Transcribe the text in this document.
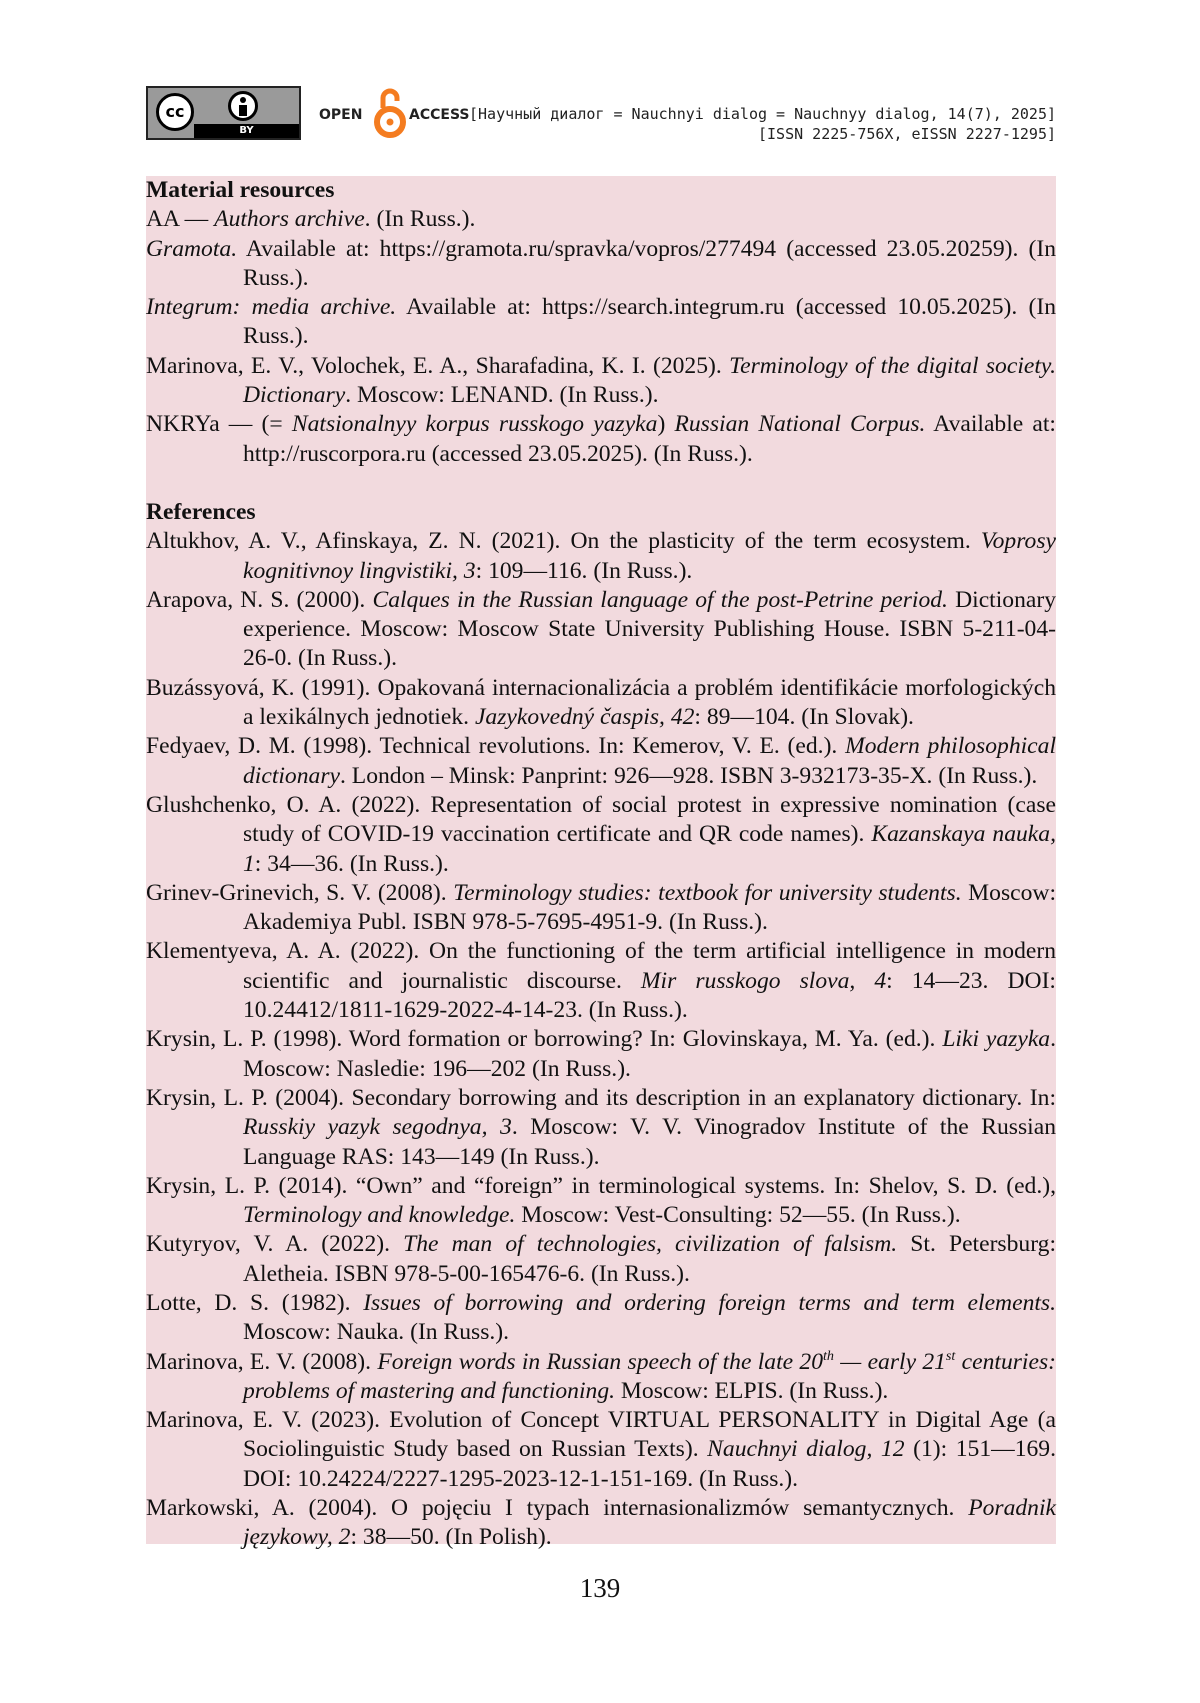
cc
BY
OPEN	ACCESS [Научный диалог = Nauchnyi dialog = Nauchnyy dialog, 14(7), 2025]
[ISSN 2225-756X, eISSN 2227-1295]
Material resources
AA — Authors archive. (In Russ.).
Gramota. Available at: https://gramota.ru/spravka/vopros/277494 (accessed 23.05.20259). (In Russ.).
Integrum: media archive. Available at: https://search.integrum.ru (accessed 10.05.2025). (In Russ.).
Marinova, E. V., Volochek, E. A., Sharafadina, K. I. (2025). Terminology of the digital society. Dictionary. Moscow: LENAND. (In Russ.).
NKRYa — (= Natsionalnyy korpus russkogo yazyka) Russian National Corpus. Available at: http://ruscorpora.ru (accessed 23.05.2025). (In Russ.).
References
Altukhov, A. V., Afinskaya, Z. N. (2021). On the plasticity of the term ecosystem. Voprosy kognitivnoy lingvistiki, 3: 109—116. (In Russ.).
Arapova, N. S. (2000). Calques in the Russian language of the post-Petrine period. Dictionary experience. Moscow: Moscow State University Publishing House. ISBN 5-211-04-26-0. (In Russ.).
Buzássyová, K. (1991). Opakovaná internacionalizácia a problém identifikácie morfologických a lexikálnych jednotiek. Jazykovedný časpis, 42: 89—104. (In Slovak).
Fedyaev, D. M. (1998). Technical revolutions. In: Kemerov, V. E. (ed.). Modern philosophical dictionary. London – Minsk: Panprint: 926—928. ISBN 3-932173-35-X. (In Russ.).
Glushchenko, O. A. (2022). Representation of social protest in expressive nomination (case study of COVID-19 vaccination certificate and QR code names). Kazanskaya nauka, 1: 34—36. (In Russ.).
Grinev-Grinevich, S. V. (2008). Terminology studies: textbook for university students. Moscow: Akademiya Publ. ISBN 978-5-7695-4951-9. (In Russ.).
Klementyeva, A. A. (2022). On the functioning of the term artificial intelligence in modern scientific and journalistic discourse. Mir russkogo slova, 4: 14—23. DOI: 10.24412/1811-1629-2022-4-14-23. (In Russ.).
Krysin, L. P. (1998). Word formation or borrowing? In: Glovinskaya, M. Ya. (ed.). Liki yazyka. Moscow: Nasledie: 196—202 (In Russ.).
Krysin, L. P. (2004). Secondary borrowing and its description in an explanatory dictionary. In: Russkiy yazyk segodnya, 3. Moscow: V. V. Vinogradov Institute of the Russian Language RAS: 143—149 (In Russ.).
Krysin, L. P. (2014). “Own” and “foreign” in terminological systems. In: Shelov, S. D. (ed.), Terminology and knowledge. Moscow: Vest-Consulting: 52—55. (In Russ.).
Kutyryov, V. A. (2022). The man of technologies, civilization of falsism. St. Petersburg: Aletheia. ISBN 978-5-00-165476-6. (In Russ.).
Lotte, D. S. (1982). Issues of borrowing and ordering foreign terms and term elements. Moscow: Nauka. (In Russ.).
Marinova, E. V. (2008). Foreign words in Russian speech of the late 20th — early 21st centuries: problems of mastering and functioning. Moscow: ELPIS. (In Russ.).
Marinova, E. V. (2023). Evolution of Concept VIRTUAL PERSONALITY in Digital Age (a Sociolinguistic Study based on Russian Texts). Nauchnyi dialog, 12 (1): 151—169. DOI: 10.24224/2227-1295-2023-12-1-151-169. (In Russ.).
Markowski, A. (2004). O pojęciu I typach internasionalizmów semantycznych. Poradnik językowy, 2: 38—50. (In Polish).
139
